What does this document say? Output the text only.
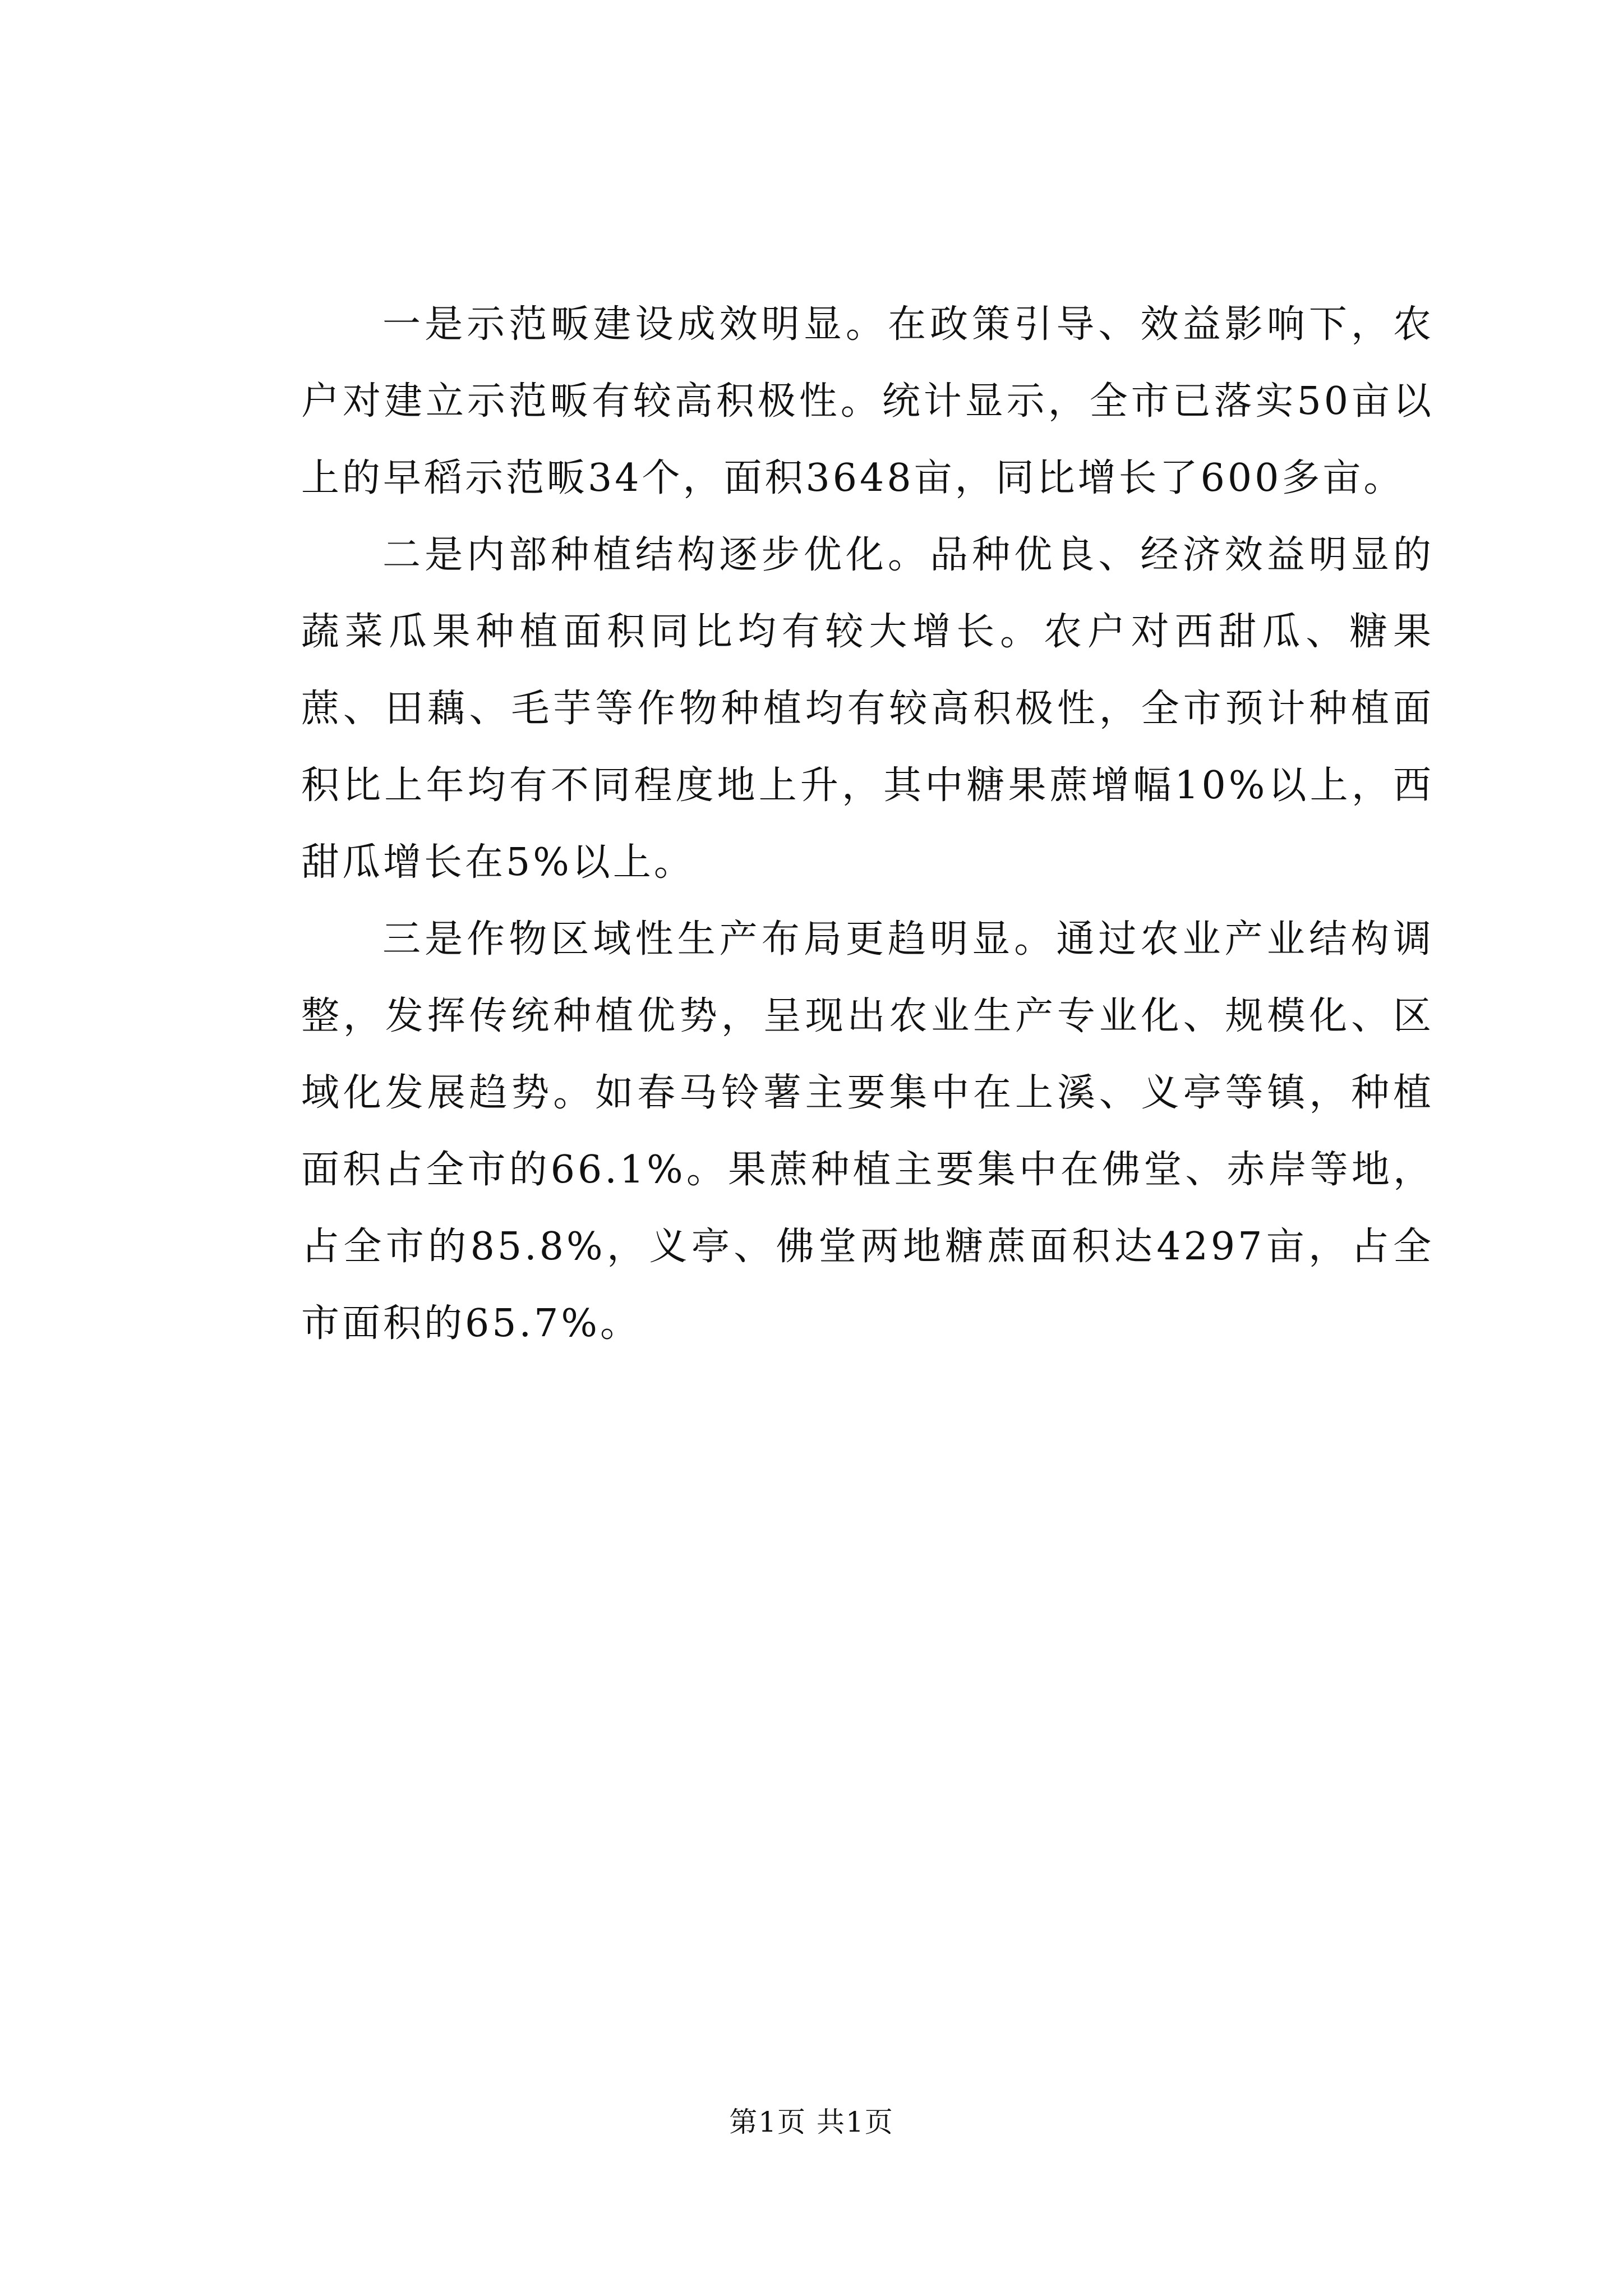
一是示范畈建设成效明显。在政策引导、效益影响下，农户对建立示范畈有较高积极性。统计显示，全市已落实50亩以上的早稻示范畈34个，面积3648亩，同比增长了600多亩。

二是内部种植结构逐步优化。品种优良、经济效益明显的蔬菜瓜果种植面积同比均有较大增长。农户对西甜瓜、糖果蔗、田藕、毛芋等作物种植均有较高积极性，全市预计种植面积比上年均有不同程度地上升，其中糖果蔗增幅10%以上，西甜瓜增长在5%以上。

三是作物区域性生产布局更趋明显。通过农业产业结构调整，发挥传统种植优势，呈现出农业生产专业化、规模化、区域化发展趋势。如春马铃薯主要集中在上溪、义亭等镇，种植面积占全市的66.1%。果蔗种植主要集中在佛堂、赤岸等地，占全市的85.8%，义亭、佛堂两地糖蔗面积达4297亩，占全市面积的65.7%。

第1页 共1页
